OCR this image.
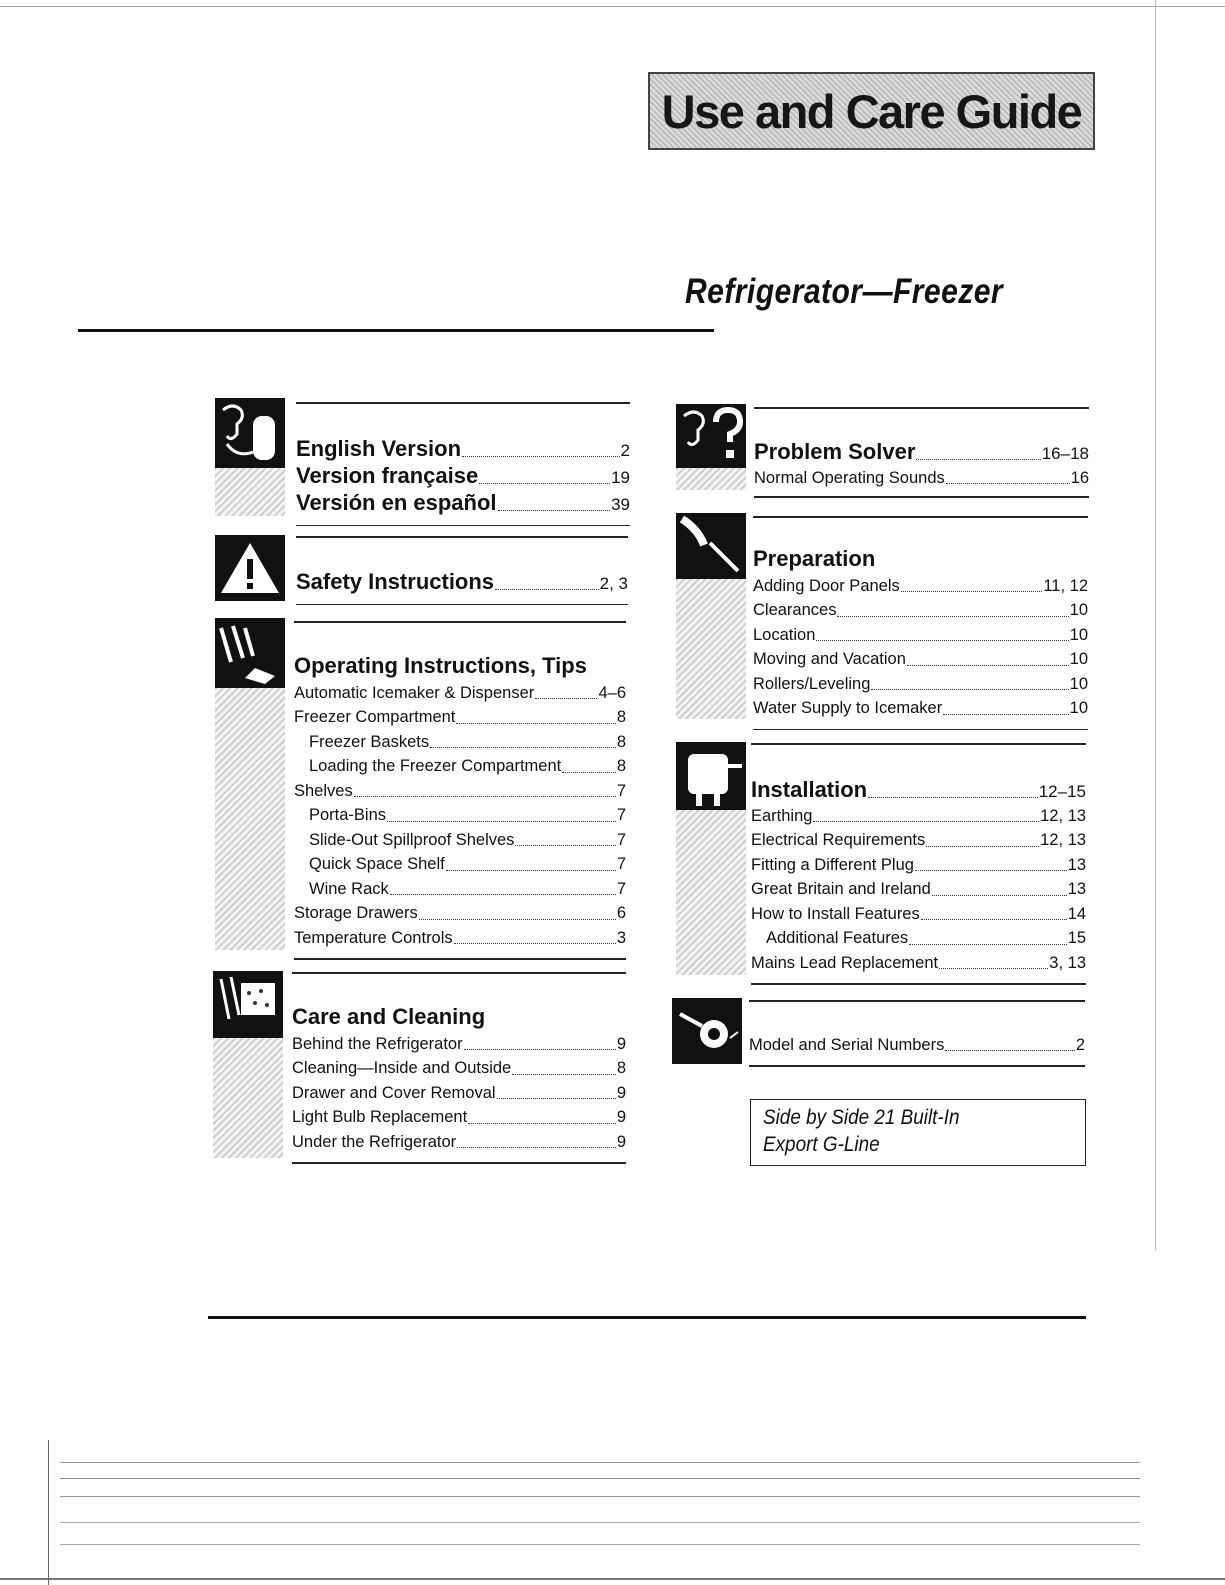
Use and Care Guide
Refrigerator—Freezer
English Version	2
Version française	19
Versión en español	39
Safety Instructions	2, 3
Operating Instructions, Tips
Automatic Icemaker & Dispenser	4–6
Freezer Compartment	8
Freezer Baskets	8
Loading the Freezer Compartment	8
Shelves	7
Porta-Bins	7
Slide-Out Spillproof Shelves	7
Quick Space Shelf	7
Wine Rack	7
Storage Drawers	6
Temperature Controls	3
Care and Cleaning
Behind the Refrigerator	9
Cleaning—Inside and Outside	8
Drawer and Cover Removal	9
Light Bulb Replacement	9
Under the Refrigerator	9
Problem Solver	16–18
Normal Operating Sounds	16
Preparation
Adding Door Panels	11, 12
Clearances	10
Location	10
Moving and Vacation	10
Rollers/Leveling	10
Water Supply to Icemaker	10
Installation	12–15
Earthing	12, 13
Electrical Requirements	12, 13
Fitting a Different Plug	13
Great Britain and Ireland	13
How to Install Features	14
Additional Features	15
Mains Lead Replacement	3, 13
Model and Serial Numbers	2
Side by Side 21 Built-In
Export G-Line
